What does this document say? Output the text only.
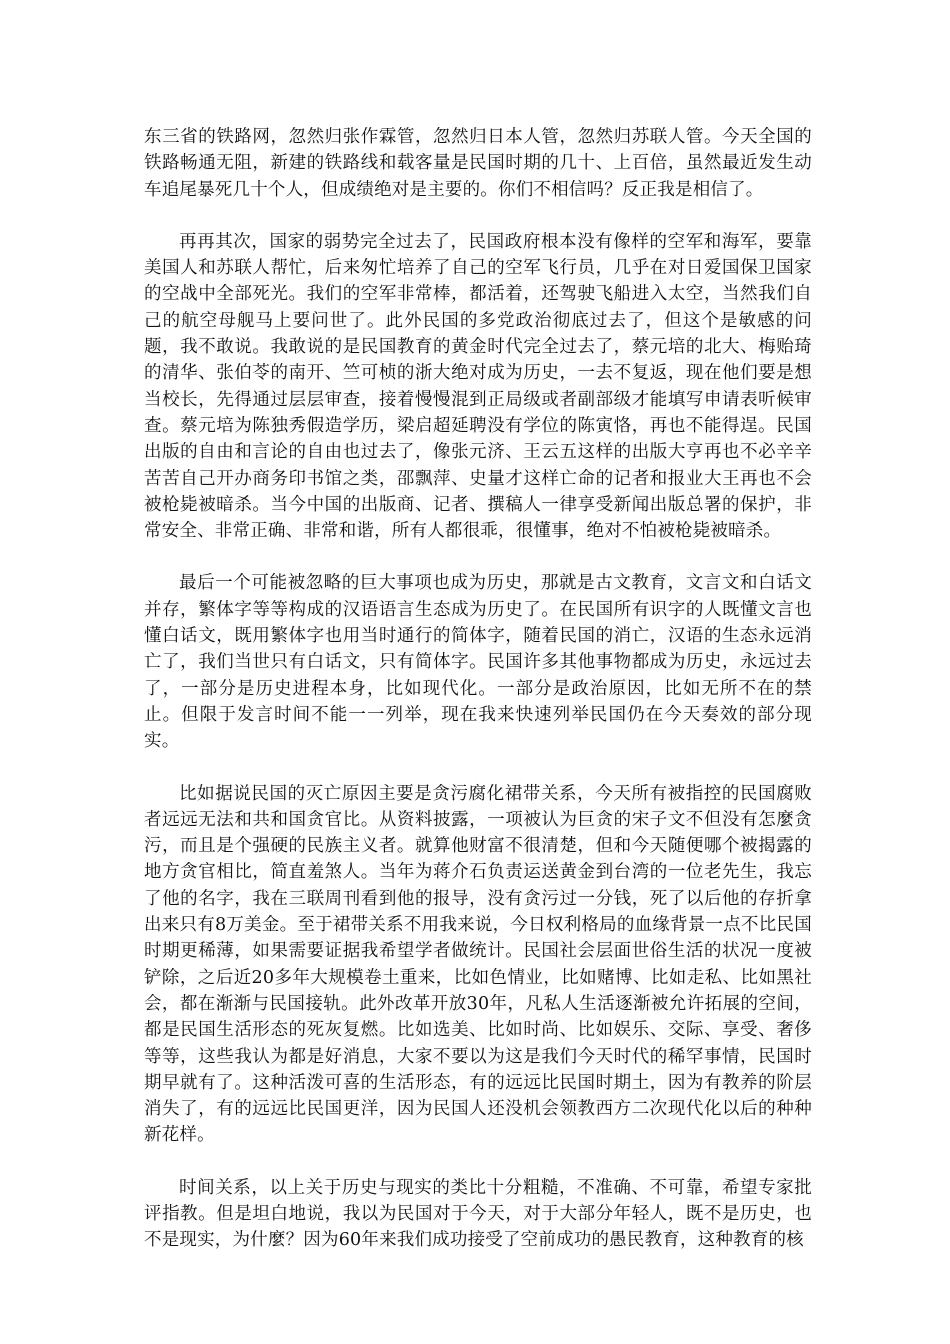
东三省的铁路网，忽然归张作霖管，忽然归日本人管，忽然归苏联人管。今天全国的铁路畅通无阻，新建的铁路线和载客量是民国时期的几十、上百倍，虽然最近发生动车追尾暴死几十个人，但成绩绝对是主要的。你们不相信吗？反正我是相信了。

再再其次，国家的弱势完全过去了，民国政府根本没有像样的空军和海军，要靠美国人和苏联人帮忙，后来匆忙培养了自己的空军飞行员，几乎在对日爱国保卫国家的空战中全部死光。我们的空军非常棒，都活着，还驾驶飞船进入太空，当然我们自己的航空母舰马上要问世了。此外民国的多党政治彻底过去了，但这个是敏感的问题，我不敢说。我敢说的是民国教育的黄金时代完全过去了，蔡元培的北大、梅贻琦的清华、张伯苓的南开、竺可桢的浙大绝对成为历史，一去不复返，现在他们要是想当校长，先得通过层层审查，接着慢慢混到正局级或者副部级才能填写申请表听候审查。蔡元培为陈独秀假造学历，梁启超延聘没有学位的陈寅恪，再也不能得逞。民国出版的自由和言论的自由也过去了，像张元济、王云五这样的出版大亨再也不必辛辛苦苦自己开办商务印书馆之类，邵飘萍、史量才这样亡命的记者和报业大王再也不会被枪毙被暗杀。当今中国的出版商、记者、撰稿人一律享受新闻出版总署的保护，非常安全、非常正确、非常和谐，所有人都很乖，很懂事，绝对不怕被枪毙被暗杀。

最后一个可能被忽略的巨大事项也成为历史，那就是古文教育，文言文和白话文并存，繁体字等等构成的汉语语言生态成为历史了。在民国所有识字的人既懂文言也懂白话文，既用繁体字也用当时通行的简体字，随着民国的消亡，汉语的生态永远消亡了，我们当世只有白话文，只有简体字。民国许多其他事物都成为历史，永远过去了，一部分是历史进程本身，比如现代化。一部分是政治原因，比如无所不在的禁止。但限于发言时间不能一一列举，现在我来快速列举民国仍在今天奏效的部分现实。

比如据说民国的灭亡原因主要是贪污腐化裙带关系，今天所有被指控的民国腐败者远远无法和共和国贪官比。从资料披露，一项被认为巨贪的宋子文不但没有怎麼贪污，而且是个强硬的民族主义者。就算他财富不很清楚，但和今天随便哪个被揭露的地方贪官相比，简直羞煞人。当年为蒋介石负责运送黄金到台湾的一位老先生，我忘了他的名字，我在三联周刊看到他的报导，没有贪污过一分钱，死了以后他的存折拿出来只有8万美金。至于裙带关系不用我来说，今日权利格局的血缘背景一点不比民国时期更稀薄，如果需要证据我希望学者做统计。民国社会层面世俗生活的状况一度被铲除，之后近20多年大规模卷土重来，比如色情业，比如赌博、比如走私、比如黑社会，都在渐渐与民国接轨。此外改革开放30年，凡私人生活逐渐被允许拓展的空间，都是民国生活形态的死灰复燃。比如选美、比如时尚、比如娱乐、交际、享受、奢侈等等，这些我认为都是好消息，大家不要以为这是我们今天时代的稀罕事情，民国时期早就有了。这种活泼可喜的生活形态，有的远远比民国时期土，因为有教养的阶层消失了，有的远远比民国更洋，因为民国人还没机会领教西方二次现代化以后的种种新花样。

时间关系，以上关于历史与现实的类比十分粗糙，不准确、不可靠，希望专家批评指教。但是坦白地说，我以为民国对于今天，对于大部分年轻人，既不是历史，也不是现实，为什麼？因为60年来我们成功接受了空前成功的愚民教育，这种教育的核
